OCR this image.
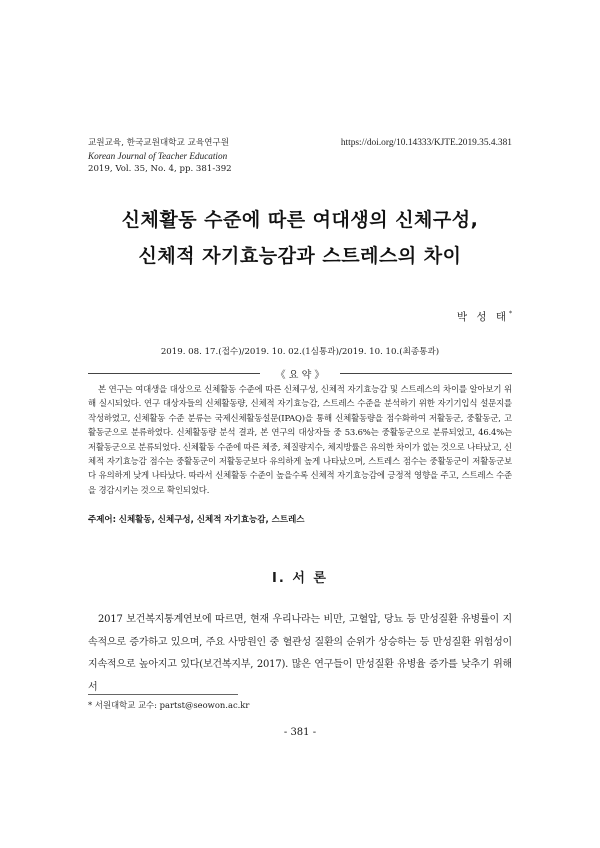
교원교육, 한국교원대학교 교육연구원
Korean Journal of Teacher Education
2019, Vol. 35, No. 4, pp. 381-392
https://doi.org/10.14333/KJTE.2019.35.4.381
신체활동 수준에 따른 여대생의 신체구성,
신체적 자기효능감과 스트레스의 차이
박 성 태*
2019. 08. 17.(접수)/2019. 10. 02.(1심통과)/2019. 10. 10.(최종통과)
《 요 약 》
본 연구는 여대생을 대상으로 신체활동 수준에 따른 신체구성, 신체적 자기효능감 및 스트레스의 차이를 알아보기 위해 실시되었다. 연구 대상자들의 신체활동량, 신체적 자기효능감, 스트레스 수준을 분석하기 위한 자기기입식 설문지를 작성하였고, 신체활동 수준 분류는 국제신체활동설문(IPAQ)을 통해 신체활동량을 점수화하여 저활동군, 중활동군, 고활동군으로 분류하였다. 신체활동량 분석 결과, 본 연구의 대상자들 중 53.6%는 중활동군으로 분류되었고, 46.4%는 저활동군으로 분류되었다. 신체활동 수준에 따른 체중, 체질량지수, 체지방률은 유의한 차이가 없는 것으로 나타났고, 신체적 자기효능감 점수는 중활동군이 저활동군보다 유의하게 높게 나타났으며, 스트레스 점수는 중활동군이 저활동군보다 유의하게 낮게 나타났다. 따라서 신체활동 수준이 높을수록 신체적 자기효능감에 긍정적 영향을 주고, 스트레스 수준을 경감시키는 것으로 확인되었다.
주제어: 신체활동, 신체구성, 신체적 자기효능감, 스트레스
I. 서 론
2017 보건복지통계연보에 따르면, 현재 우리나라는 비만, 고혈압, 당뇨 등 만성질환 유병률이 지속적으로 증가하고 있으며, 주요 사망원인 중 혈관성 질환의 순위가 상승하는 등 만성질환 위험성이 지속적으로 높아지고 있다(보건복지부, 2017). 많은 연구들이 만성질환 유병율 증가를 낮추기 위해서
* 서원대학교 교수: partst@seowon.ac.kr
- 381 -
